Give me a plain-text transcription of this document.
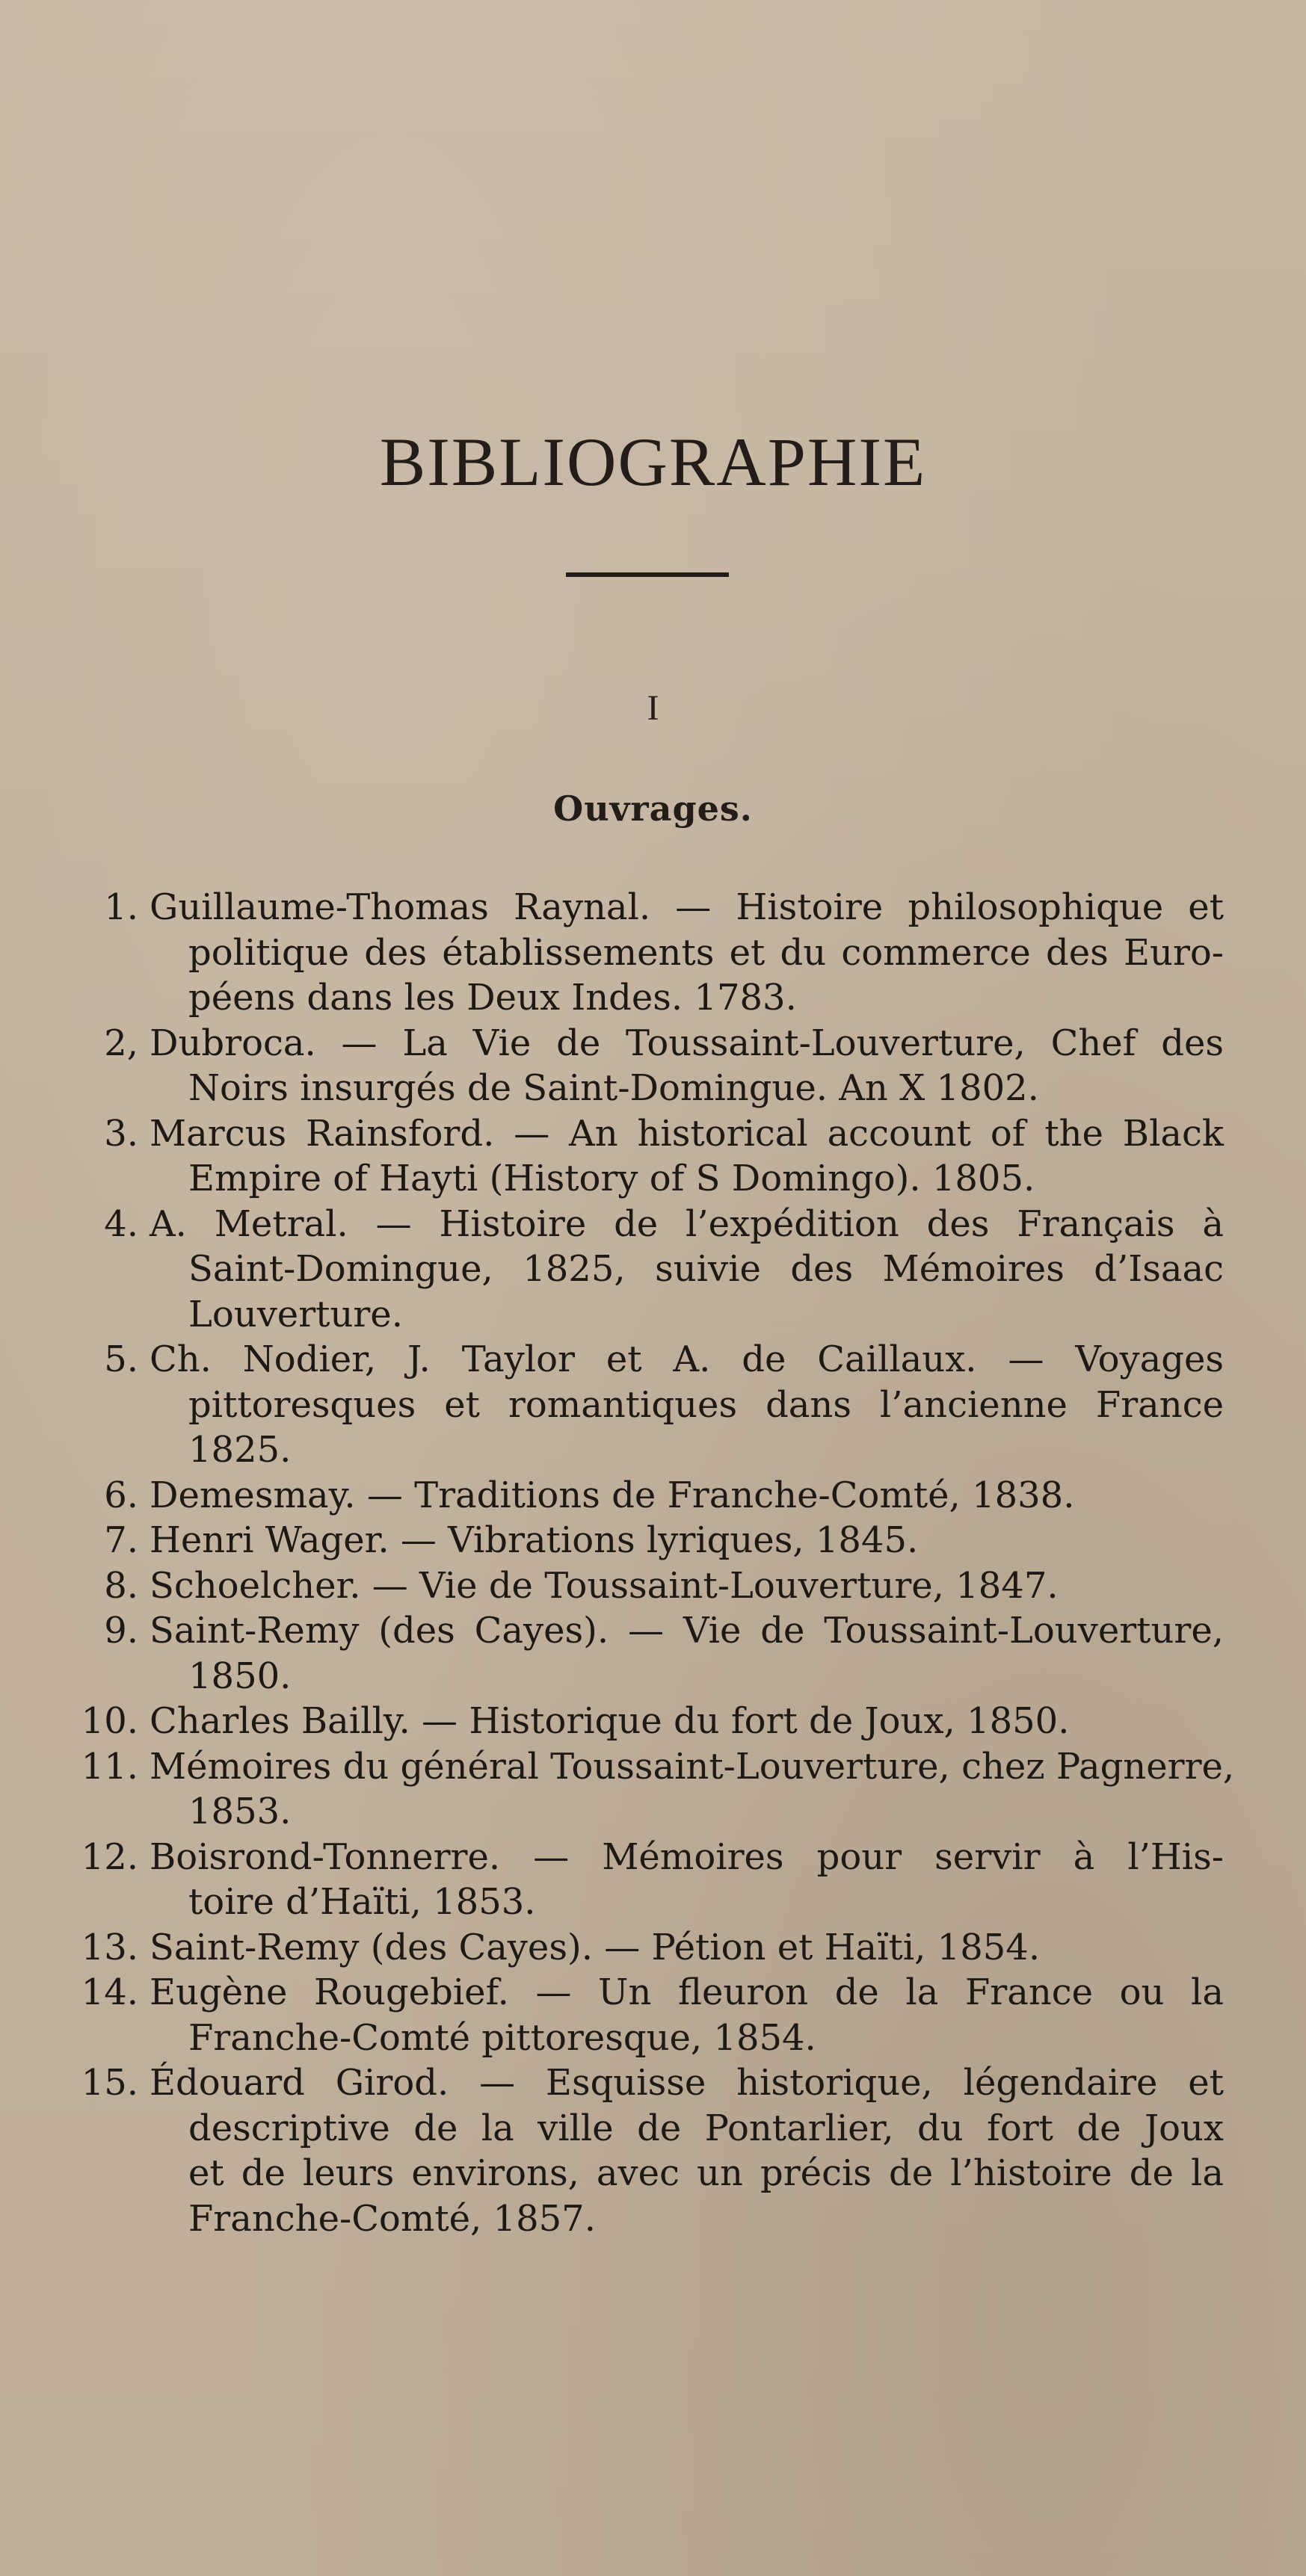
BIBLIOGRAPHIE
I
Ouvrages.
1. Guillaume-Thomas Raynal. — Histoire philosophique et
politique des établissements et du commerce des Euro-
péens dans les Deux Indes. 1783.
2, Dubroca. — La Vie de Toussaint-Louverture, Chef des
Noirs insurgés de Saint-Domingue. An X 1802.
3. Marcus Rainsford. — An historical account of the Black
Empire of Hayti (History of S Domingo). 1805.
4. A. Metral. — Histoire de l’expédition des Français à
Saint-Domingue, 1825, suivie des Mémoires d’Isaac
Louverture.
5. Ch. Nodier, J. Taylor et A. de Caillaux. — Voyages
pittoresques et romantiques dans l’ancienne France
1825.
6. Demesmay. — Traditions de Franche-Comté, 1838.
7. Henri Wager. — Vibrations lyriques, 1845.
8. Schoelcher. — Vie de Toussaint-Louverture, 1847.
9. Saint-Remy (des Cayes). — Vie de Toussaint-Louverture,
1850.
10. Charles Bailly. — Historique du fort de Joux, 1850.
11. Mémoires du général Toussaint-Louverture, chez Pagnerre,
1853.
12. Boisrond-Tonnerre. — Mémoires pour servir à l’His-
toire d’Haïti, 1853.
13. Saint-Remy (des Cayes). — Pétion et Haïti, 1854.
14. Eugène Rougebief. — Un fleuron de la France ou la
Franche-Comté pittoresque, 1854.
15. Édouard Girod. — Esquisse historique, légendaire et
descriptive de la ville de Pontarlier, du fort de Joux
et de leurs environs, avec un précis de l’histoire de la
Franche-Comté, 1857.
